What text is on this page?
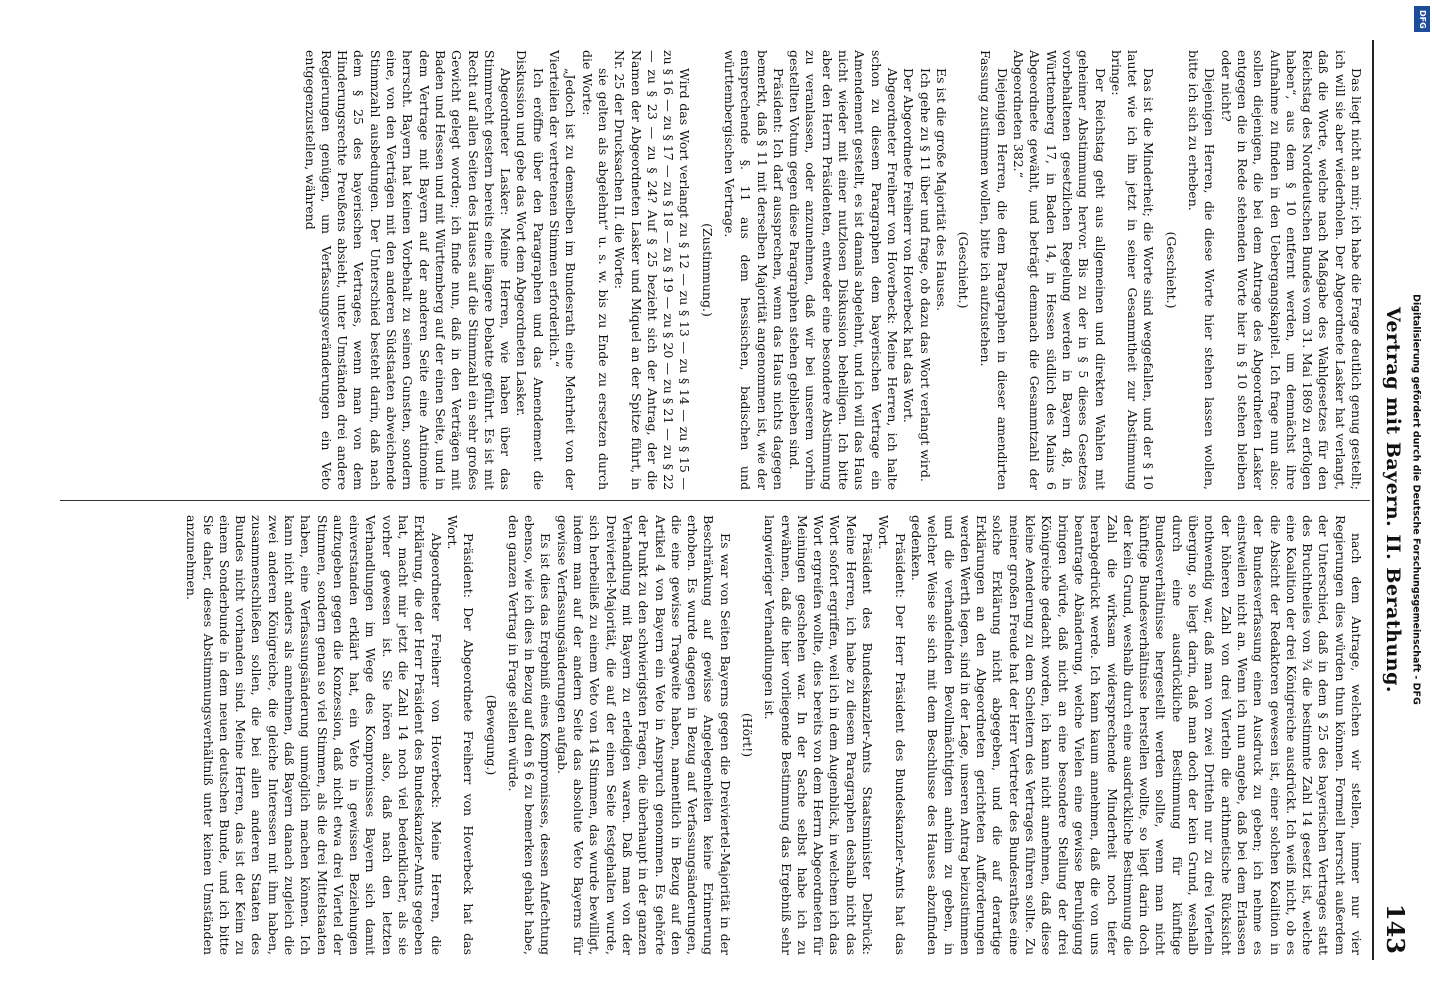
Vertrag mit Bayern. II. Berathung.
143

Das liegt nicht an mir; ich habe die Frage deutlich genug gestellt; ich will sie aber wiederholen. Der Abgeordnete Lasker hat verlangt, daß die Worte, welche nach Maßgabe des Wahlgesetzes für den Reichstag des Norddeutschen Bundes vom 31. Mai 1869 zu erfolgen haben“, aus dem § 10 entfernt werden, um demnächst ihre Aufnahme zu finden in den Uebergangskapitel. Ich frage nun also: sollen diejenigen, die bei dem Antrage des Abgeordneten Lasker entgegen die in Rede stehenden Worte hier in § 10 stehen bleiben oder nicht?

Diejenigen Herren, die diese Worte hier stehen lassen wollen, bitte ich sich zu erheben.

(Geschieht.)

Das ist die Minderheit; die Worte sind weggefallen, und der § 10 lautet wie ich ihn jetzt in seiner Gesammtheit zur Abstimmung bringe:

Der Reichstag geht aus allgemeinen und direkten Wahlen mit geheimer Abstimmung hervor. Bis zu der in § 5 dieses Gesetzes vorbehaltenen gesetzlichen Regelung werden in Bayern 48, in Württemberg 17, in Baden 14, in Hessen südlich des Mains 6 Abgeordnete gewählt, und beträgt demnach die Gesammtzahl der Abgeordneten 382.“

Diejenigen Herren, die dem Paragraphen in dieser amendirten Fassung zustimmen wollen, bitte ich aufzustehen.

(Geschieht.)

Es ist die große Majorität des Hauses.

Ich gehe zu § 11 über und frage, ob dazu das Wort verlangt wird.

Der Abgeordnete Freiherr von Hoverbeck hat das Wort.

Abgeordneter Freiherr von Hoverbeck: Meine Herren, ich halte schon zu diesem Paragraphen dem bayerischen Vertrage ein Amendement gestellt, es ist damals abgelehnt, und ich will das Haus nicht wieder mit einer nutzlosen Diskussion behelligen. Ich bitte aber den Herrn Präsidenten, entweder eine besondere Abstimmung zu veranlassen, oder anzunehmen, daß wir bei unserem vorhin gestellten Votum gegen diese Paragraphen stehen geblieben sind.

Präsident: Ich darf aussprechen, wenn das Haus nichts dagegen bemerkt, daß § 11 mit derselben Majorität angenommen ist, wie der entsprechende §. 11 aus dem hessischen, badischen und württembergischen Vertrage.

(Zustimmung.)

Wird das Wort verlangt zu § 12 — zu § 13 — zu § 14 — zu § 15 — zu § 16 — zu § 17 — zu § 18 — zu § 19 — zu § 20 — zu § 21 — zu § 22 — zu § 23 — zu § 24? Auf § 25 bezieht sich der Antrag, der die Namen der Abgeordneten Lasker und Miquel an der Spitze führt, in Nr. 25 der Drucksachen II. die Worte:

sie gelten als abgelehnt“ u. s. w. bis zu Ende zu ersetzen durch die Worte:

„Jedoch ist zu demselben im Bundesrath eine Mehrheit von der Vierteilen der vertretenen Stimmen erforderlich.“

Ich eröffne über den Paragraphen und das Amendement die Diskussion und gebe das Wort dem Abgeordneten Lasker.

Abgeordneter Lasker: Meine Herren, wie haben über das Stimmrecht gestern bereits eine längere Debatte geführt. Es ist mit Recht auf allen Seiten des Hauses auf die Stimmzahl ein sehr großes Gewicht gelegt worden; ich finde nun, daß in den Verträgen mit Baden und Hessen und mit Württemberg auf der einen Seite, und in dem Vertrage mit Bayern auf der anderen Seite eine Antinomie herrscht. Bayern hat keinen Vorbehalt zu seinen Gunsten, sondern eine, von den Verträgen mit den anderen Südstaaten abweichende Stimmzahl ausbedungen. Der Unterschied besteht darin, daß nach dem § 25 des bayerischen Vertrages, wenn man von dem Hinderungsrechte Preußens absieht, unter Umständen drei andere Regierungen genügen, um Verfassungsveränderungen ein Veto entgegenzustellen, während

nach dem Antrage, welchen wir stellen, immer nur vier Regierungen dies würden thun können. Formell herrscht außerdem der Unterschied, daß in dem § 25 des bayerischen Vertrages statt des Bruchtheiles von ¾ die bestimmte Zahl 14 gesetzt ist, welche eine Koalition der drei Königreiche ausdrückt. Ich weiß nicht, ob es die Absicht der Redaktoren gewesen ist, einer solchen Koalition in der Bundesverfassung einen Ausdruck zu geben; ich nehme es einstweilen nicht an. Wenn ich nun angebe, daß bei dem Erlassen der höheren Zahl von drei Vierteln die arithmetische Rücksicht nothwendig war, daß man von zwei Dritteln nur zu drei Vierteln überging, so liegt darin, daß man doch der kein Grund, weshalb durch eine ausdrückliche Bestimmung für künftige Bundesverhältnisse hergestellt werden sollte, wenn man nicht künftige Bundesverhältnisse herstellen wollte, so liegt darin doch der kein Grund, weshalb durch eine ausdrückliche Bestimmung die Zahl die wirksam widersprechende Minderheit noch tiefer herabgedrückt werde. Ich kann kaum annehmen, daß die von uns beantragte Abänderung, welche Vielen eine gewisse Beruhigung bringen würde, daß nicht an eine besondere Stellung der drei Königreiche gedacht worden, ich kann nicht annehmen, daß diese kleine Aenderung zu dem Scheitern des Vertrages führen sollte. Zu meiner großen Freude hat der Herr Vertreter des Bundesrathes eine solche Erklärung nicht abgegeben, und die auf derartige Erklärungen an den Abgeordneten gerichteten Aufforderungen werden Werth legen, sind in der Lage, unseren Antrag beizustimmen und die verhandelnden Bevollmächtigten anheim zu geben, in welcher Weise sie sich mit dem Beschlusse des Hauses abzufinden gedenken.

Präsident: Der Herr Präsident des Bundeskanzler-Amts hat das Wort.

Präsident des Bundeskanzler-Amts Staatsminister Delbrück: Meine Herren, ich habe zu diesem Paragraphen deshalb nicht das Wort sofort ergriffen, weil ich in dem Augenblick, in welchem ich das Wort ergreifen wollte, dies bereits von dem Herrn Abgeordneten für Meiningen geschehen war. In der Sache selbst habe ich zu erwähnen, daß die hier vorliegende Bestimmung das Ergebniß sehr langwieriger Verhandlungen ist.

(Hört!)

Es war von Seiten Bayerns gegen die Dreiviertel-Majorität in der Beschränkung auf gewisse Angelegenheiten keine Erinnerung erhoben. Es wurde dagegen in Bezug auf Verfassungsänderungen, die eine gewisse Tragweite haben, namentlich in Bezug auf den Artikel 4 von Bayern ein Veto in Anspruch genommen. Es gehörte der Punkt zu den schwierigsten Fragen, die überhaupt in der ganzen Verhandlung mit Bayern zu erledigen waren. Daß man von der Dreiviertel-Majorität, die auf der einen Seite festgehalten wurde, sich herbeiließ zu einem Veto von 14 Stimmen, das wurde bewilligt, indem man auf der andern Seite das absolute Veto Bayerns für gewisse Verfassungsänderungen aufgab.

Es ist dies das Ergebniß eines Kompromisses, dessen Anfechtung ebenso, wie ich dies in Bezug auf den § 6 zu bemerken gehabt habe, den ganzen Vertrag in Frage stellen würde.

(Bewegung.)

Präsident: Der Abgeordnete Freiherr von Hoverbeck hat das Wort.

Abgeordneter Freiherr von Hoverbeck: Meine Herren, die Erklärung, die der Herr Präsident des Bundeskanzler-Amts gegeben hat, macht mir jetzt die Zahl 14 noch viel bedenklicher, als sie vorher gewesen ist. Sie hören also, daß nach den letzten Verhandlungen im Wege des Kompromisses Bayern sich damit einverstanden erklärt hat, ein Veto in gewissen Beziehungen aufzugeben gegen die Konzession, daß nicht etwa drei Viertel der Stimmen, sondern genau so viel Stimmen, als die drei Mittelstaaten haben, eine Verfassungsänderung unmöglich machen können. Ich kann nicht anders als annehmen, daß Bayern danach zugleich die zwei anderen Königreiche, die gleiche Interessen mit ihm haben, zusammenschließen sollen, die bei allen anderen Staaten des Bundes nicht vorhanden sind. Meine Herren, das ist der Keim zu einem Sonderbunde in dem neuen deutschen Bunde, und ich bitte Sie daher, dieses Abstimmungsverhältniß unter keinen Umständen anzunehmen.

DFG
Digitalisierung gefördert durch die Deutsche Forschungsgemeinschaft - DFG
